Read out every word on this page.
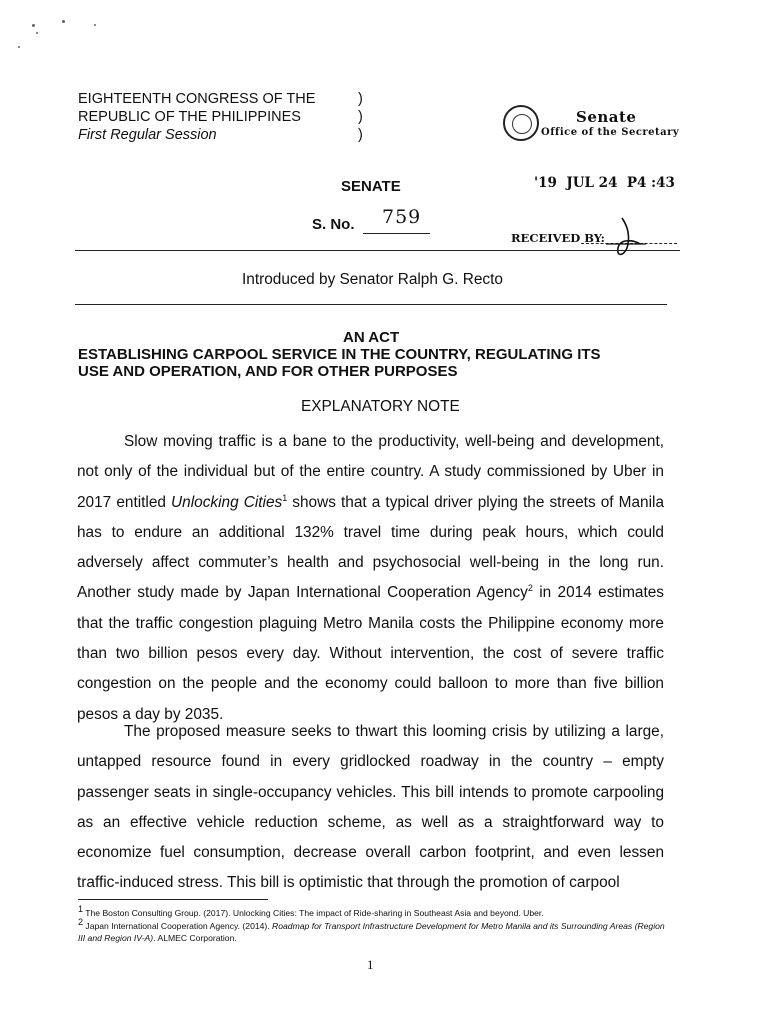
EIGHTEENTH CONGRESS OF THE
REPUBLIC OF THE PHILIPPINES
First Regular Session
)
)
)
Senate
Office of the Secretary
'19  JUL 24  P4 :43
SENATE
S. No. 759
RECEIVED BY:
Introduced by Senator Ralph G. Recto
AN ACT
ESTABLISHING CARPOOL SERVICE IN THE COUNTRY, REGULATING ITS
USE AND OPERATION, AND FOR OTHER PURPOSES
EXPLANATORY NOTE
Slow moving traffic is a bane to the productivity, well-being and development, not only of the individual but of the entire country. A study commissioned by Uber in 2017 entitled Unlocking Cities$^1$ shows that a typical driver plying the streets of Manila has to endure an additional 132% travel time during peak hours, which could adversely affect commuter’s health and psychosocial well-being in the long run. Another study made by Japan International Cooperation Agency$^2$ in 2014 estimates that the traffic congestion plaguing Metro Manila costs the Philippine economy more than two billion pesos every day. Without intervention, the cost of severe traffic congestion on the people and the economy could balloon to more than five billion pesos a day by 2035.
The proposed measure seeks to thwart this looming crisis by utilizing a large, untapped resource found in every gridlocked roadway in the country – empty passenger seats in single-occupancy vehicles. This bill intends to promote carpooling as an effective vehicle reduction scheme, as well as a straightforward way to economize fuel consumption, decrease overall carbon footprint, and even lessen traffic-induced stress. This bill is optimistic that through the promotion of carpool
$^1$ The Boston Consulting Group. (2017). Unlocking Cities: The impact of Ride-sharing in Southeast Asia and beyond. Uber.
$^2$ Japan International Cooperation Agency. (2014). Roadmap for Transport Infrastructure Development for Metro Manila and its Surrounding Areas (Region III and Region IV-A). ALMEC Corporation.
1
